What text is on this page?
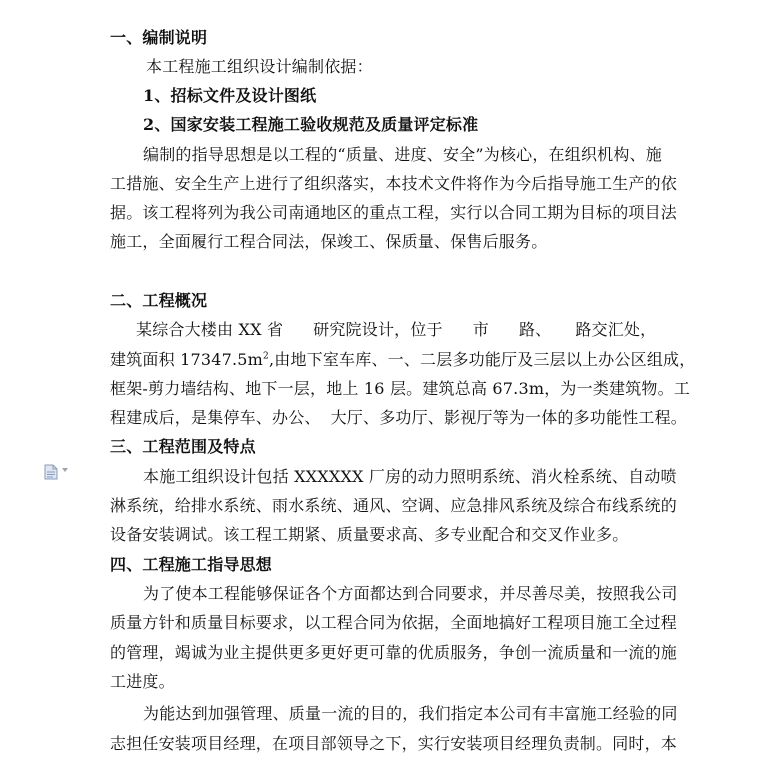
一、编制说明
本工程施工组织设计编制依据：
1、招标文件及设计图纸
2、国家安装工程施工验收规范及质量评定标准
编制的指导思想是以工程的“质量、进度、安全”为核心，在组织机构、施
工措施、安全生产上进行了组织落实，本技术文件将作为今后指导施工生产的依
据。该工程将列为我公司南通地区的重点工程，实行以合同工期为目标的项目法
施工，全面履行工程合同法，保竣工、保质量、保售后服务。
二、工程概况
某综合大楼由 XX 省 研究院设计，位于 市 路、 路交汇处，
建筑面积 $17347.5m^2$,由地下室车库、一、二层多功能厅及三层以上办公区组成，
框架-剪力墙结构、地下一层，地上 16 层。建筑总高 67.3m，为一类建筑物。工
程建成后，是集停车、办公、 大厅、多功厅、影视厅等为一体的多功能性工程。
三、工程范围及特点
本施工组织设计包括 XXXXXX 厂房的动力照明系统、消火栓系统、自动喷
淋系统，给排水系统、雨水系统、通风、空调、应急排风系统及综合布线系统的
设备安装调试。该工程工期紧、质量要求高、多专业配合和交叉作业多。
四、工程施工指导思想
为了使本工程能够保证各个方面都达到合同要求，并尽善尽美，按照我公司
质量方针和质量目标要求，以工程合同为依据，全面地搞好工程项目施工全过程
的管理，竭诚为业主提供更多更好更可靠的优质服务，争创一流质量和一流的施
工进度。
为能达到加强管理、质量一流的目的，我们指定本公司有丰富施工经验的同
志担任安装项目经理，在项目部领导之下，实行安装项目经理负责制。同时，本
